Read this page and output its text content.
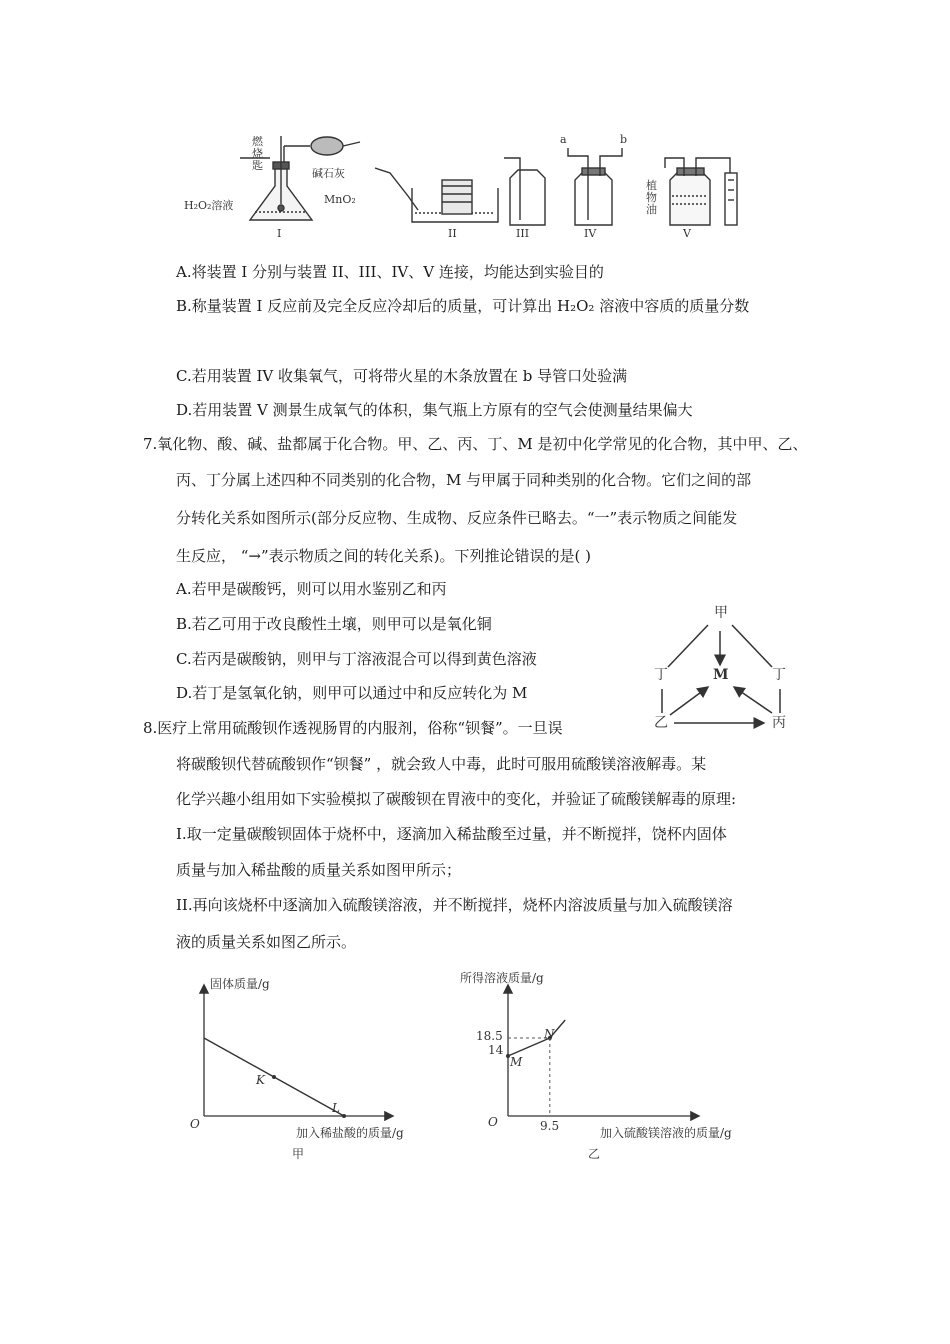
燃
烧
匙
碱石灰
H₂O₂溶液	MnO₂
植
物
油
a	b
I	II	III	IV	V
A.将装置 I 分别与装置 II、III、IV、V 连接，均能达到实验目的
B.称量装置 I 反应前及完全反应冷却后的质量，可计算出 H₂O₂ 溶液中容质的质量分数
C.若用装置 IV 收集氧气，可将带火星的木条放置在 b 导管口处验满
D.若用装置 V 测景生成氧气的体积，集气瓶上方原有的空气会使测量结果偏大
7.氧化物、酸、碱、盐都属于化合物。甲、乙、丙、丁、M 是初中化学常见的化合物，其中甲、乙、
丙、丁分属上述四种不同类别的化合物，M 与甲属于同种类别的化合物。它们之间的部
分转化关系如图所示(部分反应物、生成物、反应条件已略去。“一”表示物质之间能发
生反应， “→”表示物质之间的转化关系)。下列推论错误的是( )
A.若甲是碳酸钙，则可以用水鉴别乙和丙
B.若乙可用于改良酸性土壤，则甲可以是氧化铜
C.若丙是碳酸钠，则甲与丁溶液混合可以得到黄色溶液
D.若丁是氢氧化钠，则甲可以通过中和反应转化为 M
甲
M
丁	丁
乙	丙
8.医疗上常用硫酸钡作透视肠胃的内服剂，俗称“钡餐”。一旦误
将碳酸钡代替硫酸钡作“钡餐” ，就会致人中毒，此时可服用硫酸镁溶液解毒。某
化学兴趣小组用如下实验模拟了碳酸钡在胃液中的变化，并验证了硫酸镁解毒的原理:
I.取一定量碳酸钡固体于烧杯中，逐滴加入稀盐酸至过量，并不断搅拌，饶杯内固体
质量与加入稀盐酸的质量关系如图甲所示；
II.再向该烧杯中逐滴加入硫酸镁溶液，并不断搅拌，烧杯内溶波质量与加入硫酸镁溶
液的质量关系如图乙所示。
固体质量/g
加入稀盐酸的质量/g
O
甲
K
L
所得溶液质量/g
加入硫酸镁溶液的质量/g
O
乙
18.5
14
9.5
M
N
